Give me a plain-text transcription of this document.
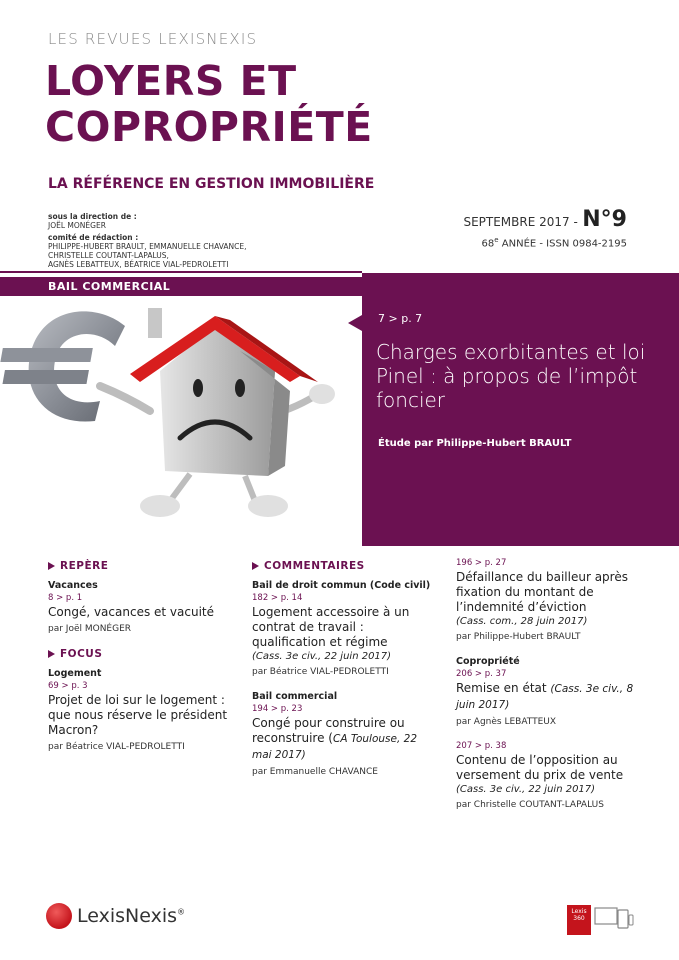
LES REVUES LEXISNEXIS
LOYERS ET
COPROPRIÉTÉ
LA RÉFÉRENCE EN GESTION IMMOBILIÈRE
sous la direction de :
JOËL MONÉGER
comité de rédaction :
PHILIPPE-HUBERT BRAULT, EMMANUELLE CHAVANCE,
CHRISTELLE COUTANT-LAPALUS,
AGNÈS LEBATTEUX, BÉATRICE VIAL-PEDROLETTI
SEPTEMBRE 2017 - N°9
68e ANNÉE - ISSN 0984-2195
BAIL COMMERCIAL
7 > p. 7
Charges exorbitantes et loi Pinel : à propos de l’impôt foncier
Étude par Philippe-Hubert BRAULT
REPÈRE
Vacances
8 > p. 1
Congé, vacances et vacuité
par Joël MONÉGER
FOCUS
Logement
69 > p. 3
Projet de loi sur le logement : que nous réserve le président Macron?
par Béatrice VIAL-PEDROLETTI
COMMENTAIRES
Bail de droit commun (Code civil)
182 > p. 14
Logement accessoire à un contrat de travail : qualification et régime
(Cass. 3e civ., 22 juin 2017)
par Béatrice VIAL-PEDROLETTI
Bail commercial
194 > p. 23
Congé pour construire ou reconstruire (CA Toulouse, 22 mai 2017)
par Emmanuelle CHAVANCE
196 > p. 27
Défaillance du bailleur après fixation du montant de l’indemnité d’éviction
(Cass. com., 28 juin 2017)
par Philippe-Hubert BRAULT
Copropriété
206 > p. 37
Remise en état (Cass. 3e civ., 8 juin 2017)
par Agnès LEBATTEUX
207 > p. 38
Contenu de l’opposition au versement du prix de vente
(Cass. 3e civ., 22 juin 2017)
par Christelle COUTANT-LAPALUS
LexisNexis®	Lexis
360
